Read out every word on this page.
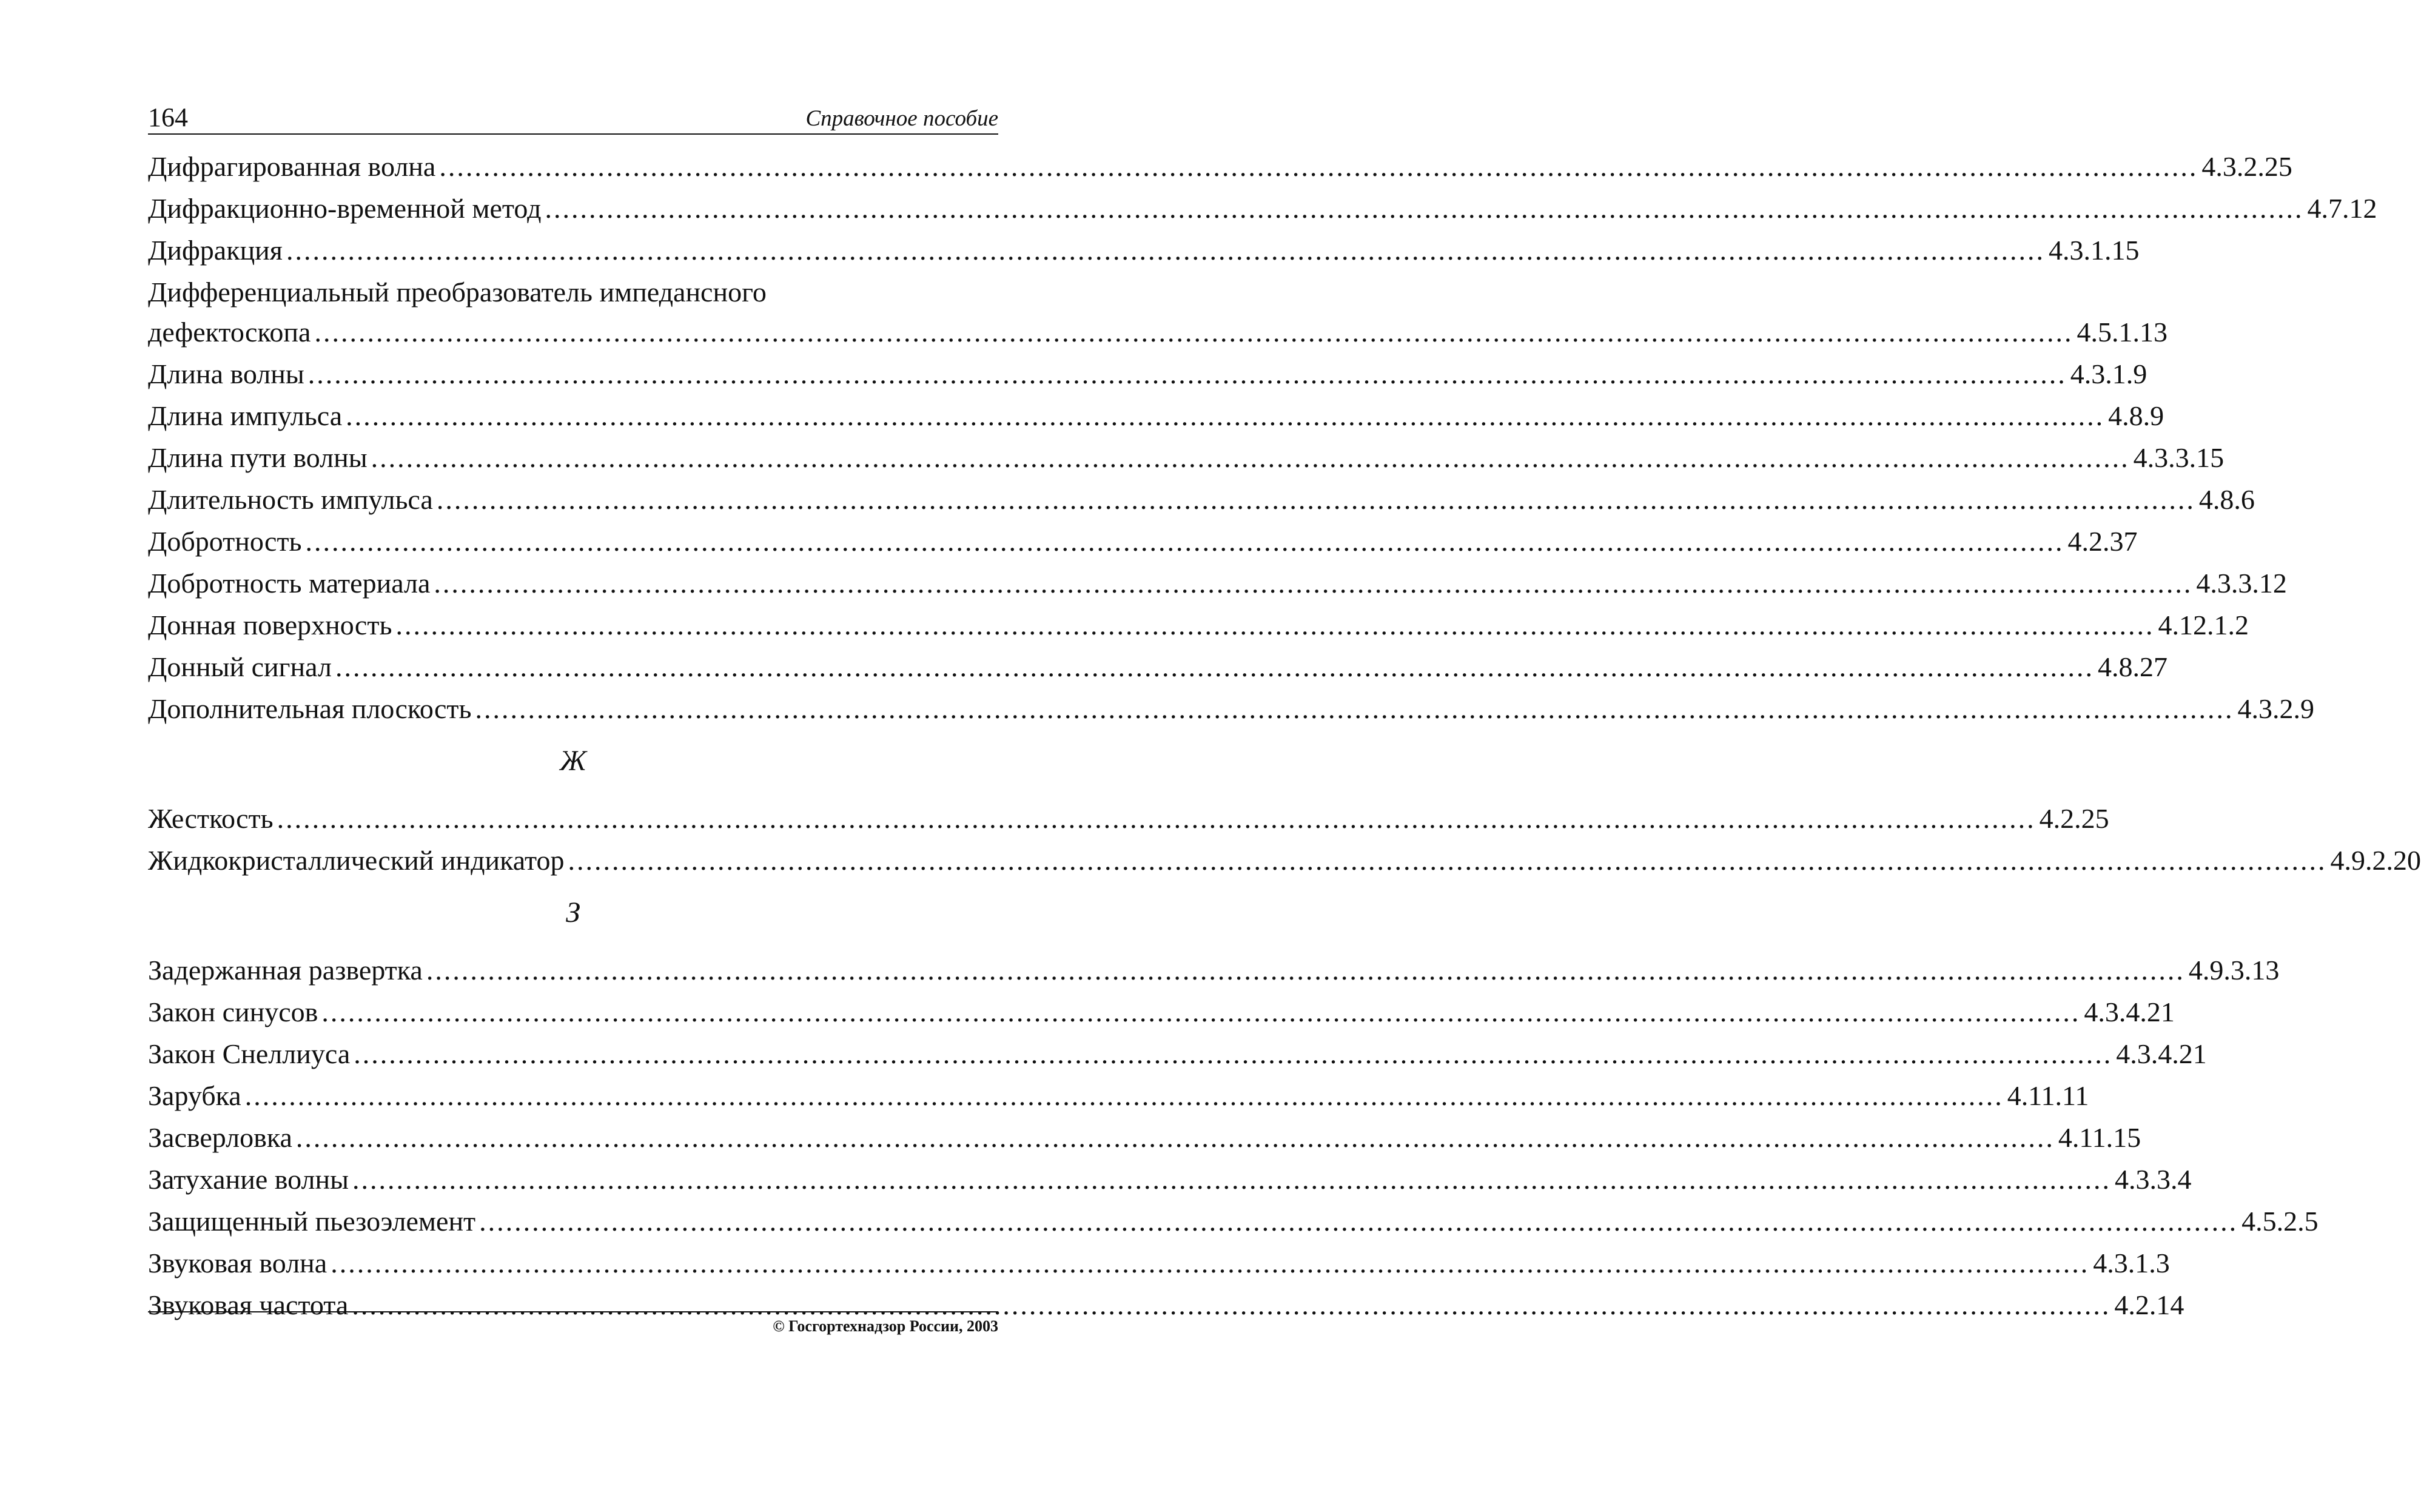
164	Справочное пособие
Дифрагированная волна ........................................................................................................................................................................................................ 4.3.2.25
Дифракционно-временной метод ........................................................................................................................................................................................................ 4.7.12
Дифракция ........................................................................................................................................................................................................ 4.3.1.15
Дифференциальный преобразователь импедансного
дефектоскопа ........................................................................................................................................................................................................ 4.5.1.13
Длина волны ........................................................................................................................................................................................................ 4.3.1.9
Длина импульса ........................................................................................................................................................................................................ 4.8.9
Длина пути волны ........................................................................................................................................................................................................ 4.3.3.15
Длительность импульса ........................................................................................................................................................................................................ 4.8.6
Добротность ........................................................................................................................................................................................................ 4.2.37
Добротность материала ........................................................................................................................................................................................................ 4.3.3.12
Донная поверхность ........................................................................................................................................................................................................ 4.12.1.2
Донный сигнал ........................................................................................................................................................................................................ 4.8.27
Дополнительная плоскость ........................................................................................................................................................................................................ 4.3.2.9
Ж
Жесткость ........................................................................................................................................................................................................ 4.2.25
Жидкокристаллический индикатор ........................................................................................................................................................................................................ 4.9.2.20
З
Задержанная развертка ........................................................................................................................................................................................................ 4.9.3.13
Закон синусов ........................................................................................................................................................................................................ 4.3.4.21
Закон Снеллиуса ........................................................................................................................................................................................................ 4.3.4.21
Зарубка ........................................................................................................................................................................................................ 4.11.11
Засверловка ........................................................................................................................................................................................................ 4.11.15
Затухание волны ........................................................................................................................................................................................................ 4.3.3.4
Защищенный пьезоэлемент ........................................................................................................................................................................................................ 4.5.2.5
Звуковая волна ........................................................................................................................................................................................................ 4.3.1.3
Звуковая частота ........................................................................................................................................................................................................ 4.2.14
© Госгортехнадзор России, 2003
